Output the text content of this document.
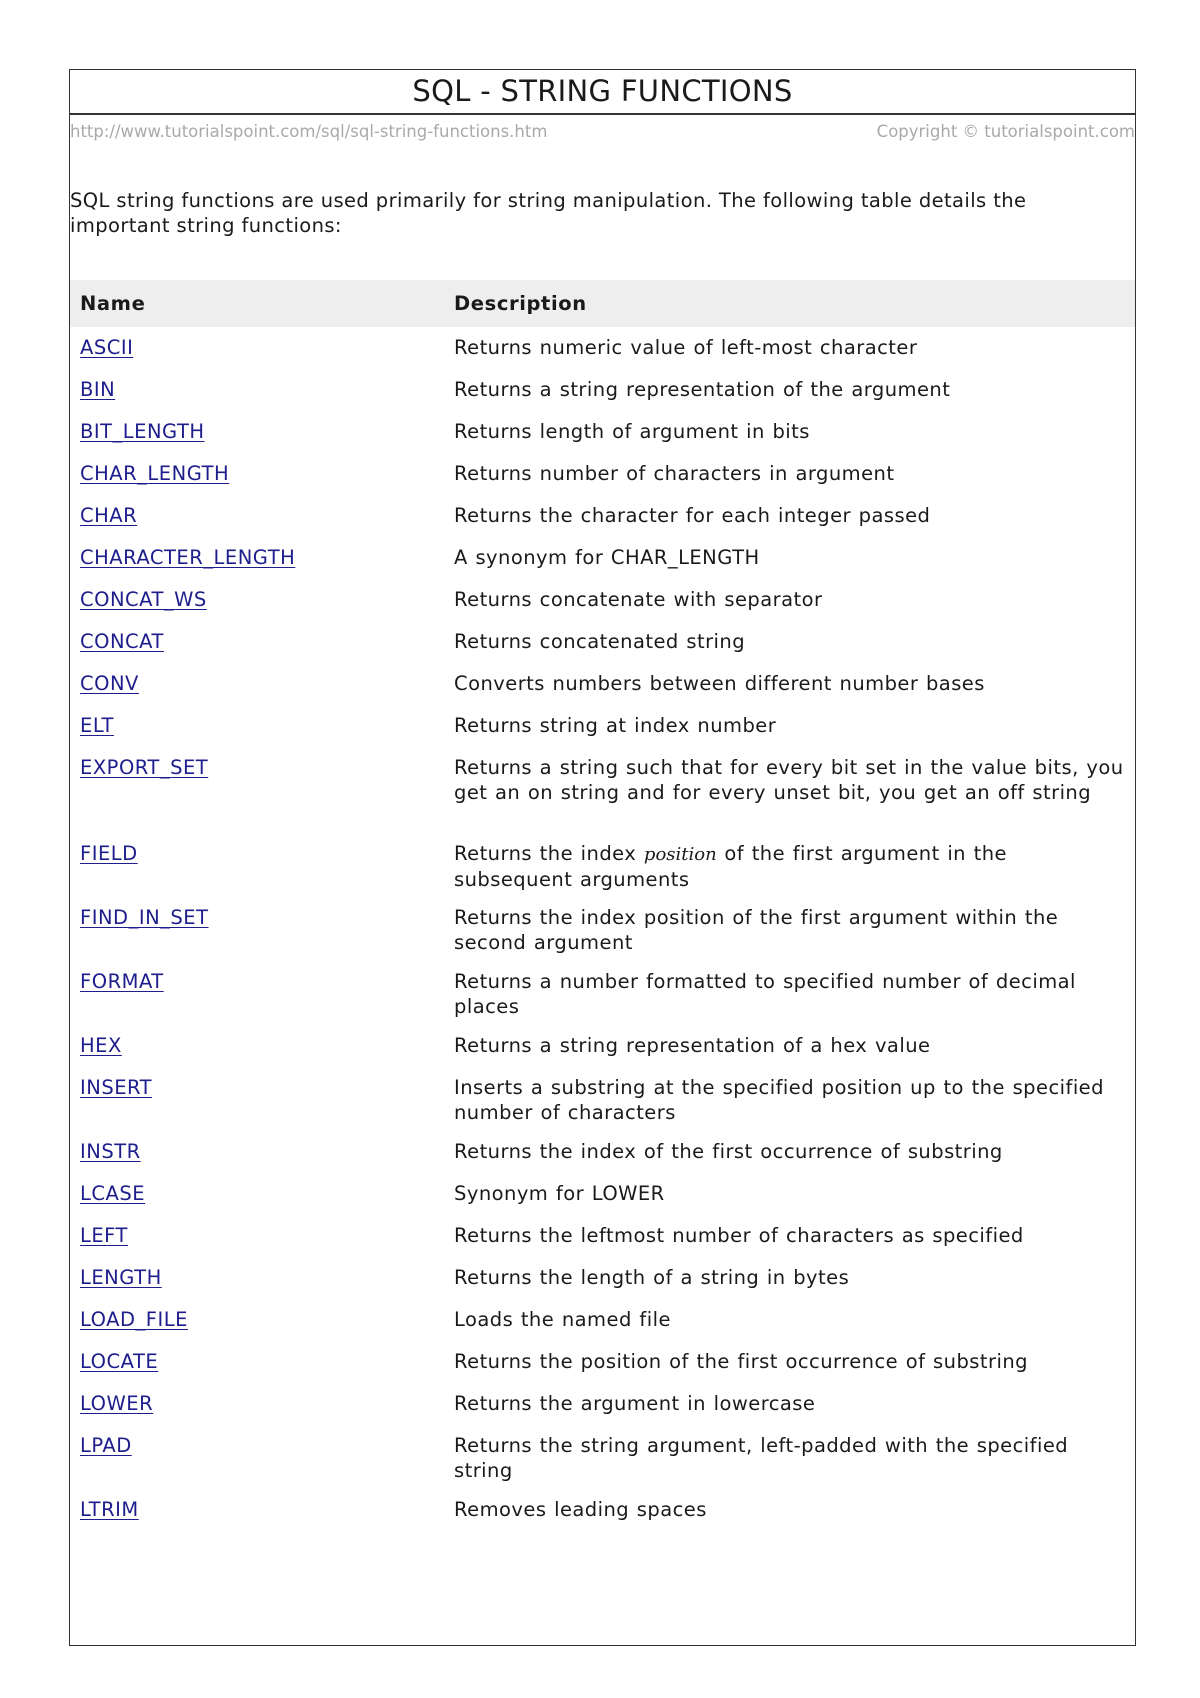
SQL - STRING FUNCTIONS
http://www.tutorialspoint.com/sql/sql-string-functions.htm	Copyright © tutorialspoint.com

SQL string functions are used primarily for string manipulation. The following table details the important string functions:

Name	Description
ASCII	Returns numeric value of left-most character
BIN	Returns a string representation of the argument
BIT_LENGTH	Returns length of argument in bits
CHAR_LENGTH	Returns number of characters in argument
CHAR	Returns the character for each integer passed
CHARACTER_LENGTH	A synonym for CHAR_LENGTH
CONCAT_WS	Returns concatenate with separator
CONCAT	Returns concatenated string
CONV	Converts numbers between different number bases
ELT	Returns string at index number
EXPORT_SET	Returns a string such that for every bit set in the value bits, you get an on string and for every unset bit, you get an off string
FIELD	Returns the index position of the first argument in the subsequent arguments
FIND_IN_SET	Returns the index position of the first argument within the second argument
FORMAT	Returns a number formatted to specified number of decimal places
HEX	Returns a string representation of a hex value
INSERT	Inserts a substring at the specified position up to the specified number of characters
INSTR	Returns the index of the first occurrence of substring
LCASE	Synonym for LOWER
LEFT	Returns the leftmost number of characters as specified
LENGTH	Returns the length of a string in bytes
LOAD_FILE	Loads the named file
LOCATE	Returns the position of the first occurrence of substring
LOWER	Returns the argument in lowercase
LPAD	Returns the string argument, left-padded with the specified string
LTRIM	Removes leading spaces
